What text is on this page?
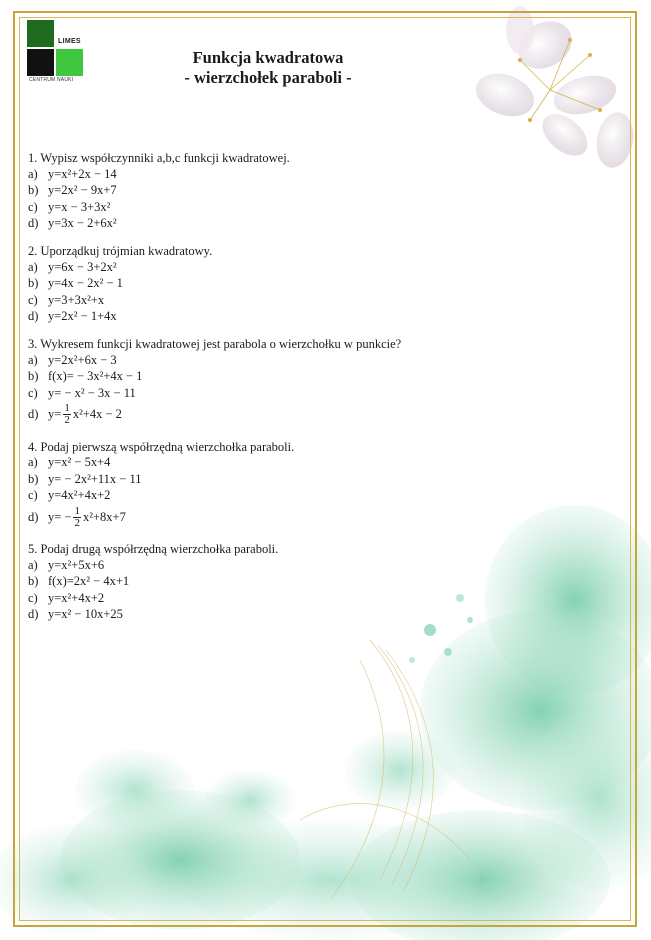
LIMES
CENTRUM NAUKI
Funkcja kwadratowa
- wierzchołek paraboli -
1. Wypisz współczynniki a,b,c funkcji kwadratowej.
a) y=x²+2x − 14
b) y=2x² − 9x+7
c) y=x − 3+3x²
d) y=3x − 2+6x²
2. Uporządkuj trójmian kwadratowy.
a) y=6x − 3+2x²
b) y=4x − 2x² − 1
c) y=3+3x²+x
d) y=2x² − 1+4x
3. Wykresem funkcji kwadratowej jest parabola o wierzchołku w punkcie?
a) y=2x²+6x − 3
b) f(x)= − 3x²+4x − 1
c) y= − x² − 3x − 11
d) $y= \frac{1}{2} x^2+4x - 2$
4. Podaj pierwszą współrzędną wierzchołka paraboli.
a) y=x² − 5x+4
b) y= − 2x²+11x − 11
c) y=4x²+4x+2
d) $y= - \frac{1}{2} x^2+8x+7$
5. Podaj drugą współrzędną wierzchołka paraboli.
a) y=x²+5x+6
b) f(x)=2x² − 4x+1
c) y=x²+4x+2
d) y=x² − 10x+25
